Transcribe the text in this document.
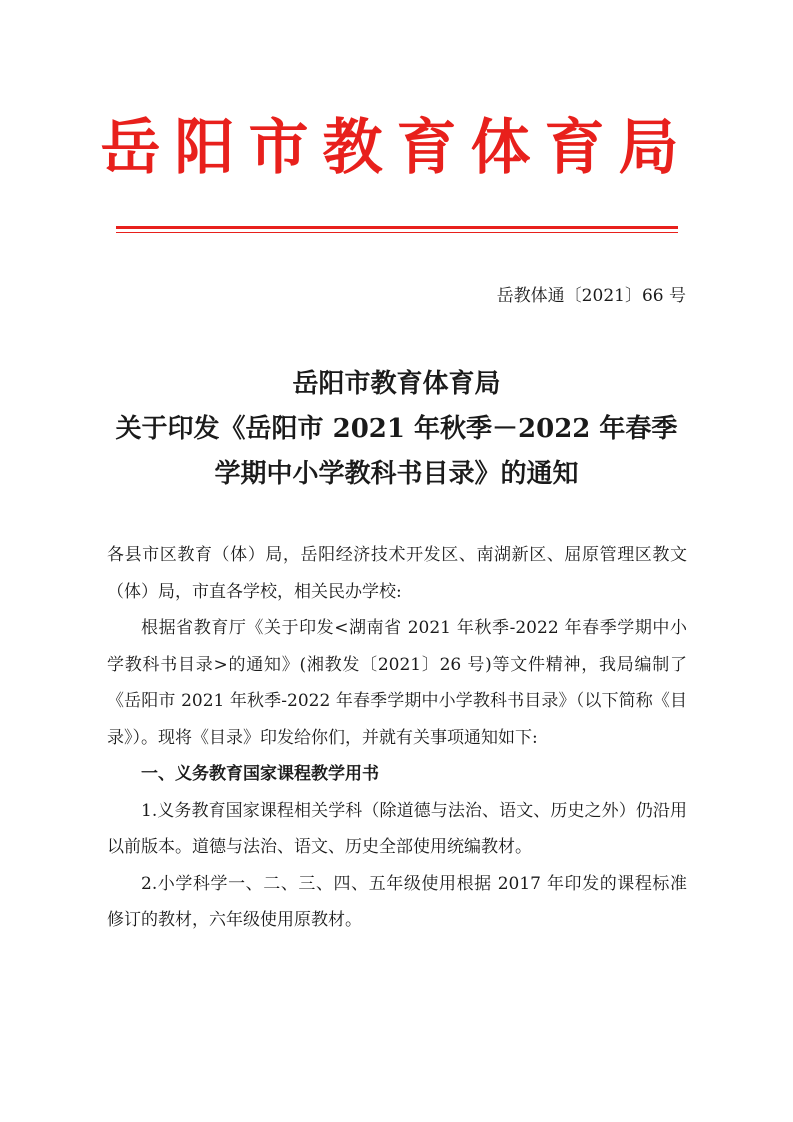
岳阳市教育体育局
岳教体通〔2021〕66 号
岳阳市教育体育局
关于印发《岳阳市 2021 年秋季－2022 年春季
学期中小学教科书目录》的通知

各县市区教育（体）局，岳阳经济技术开发区、南湖新区、屈原管理区教文（体）局，市直各学校，相关民办学校:

根据省教育厅《关于印发<湖南省 2021 年秋季-2022 年春季学期中小学教科书目录>的通知》(湘教发〔2021〕26 号)等文件精神，我局编制了《岳阳市 2021 年秋季-2022 年春季学期中小学教科书目录》（以下简称《目录》）。现将《目录》印发给你们，并就有关事项通知如下:

一、义务教育国家课程教学用书

1.义务教育国家课程相关学科（除道德与法治、语文、历史之外）仍沿用以前版本。道德与法治、语文、历史全部使用统编教材。

2.小学科学一、二、三、四、五年级使用根据 2017 年印发的课程标准修订的教材，六年级使用原教材。
